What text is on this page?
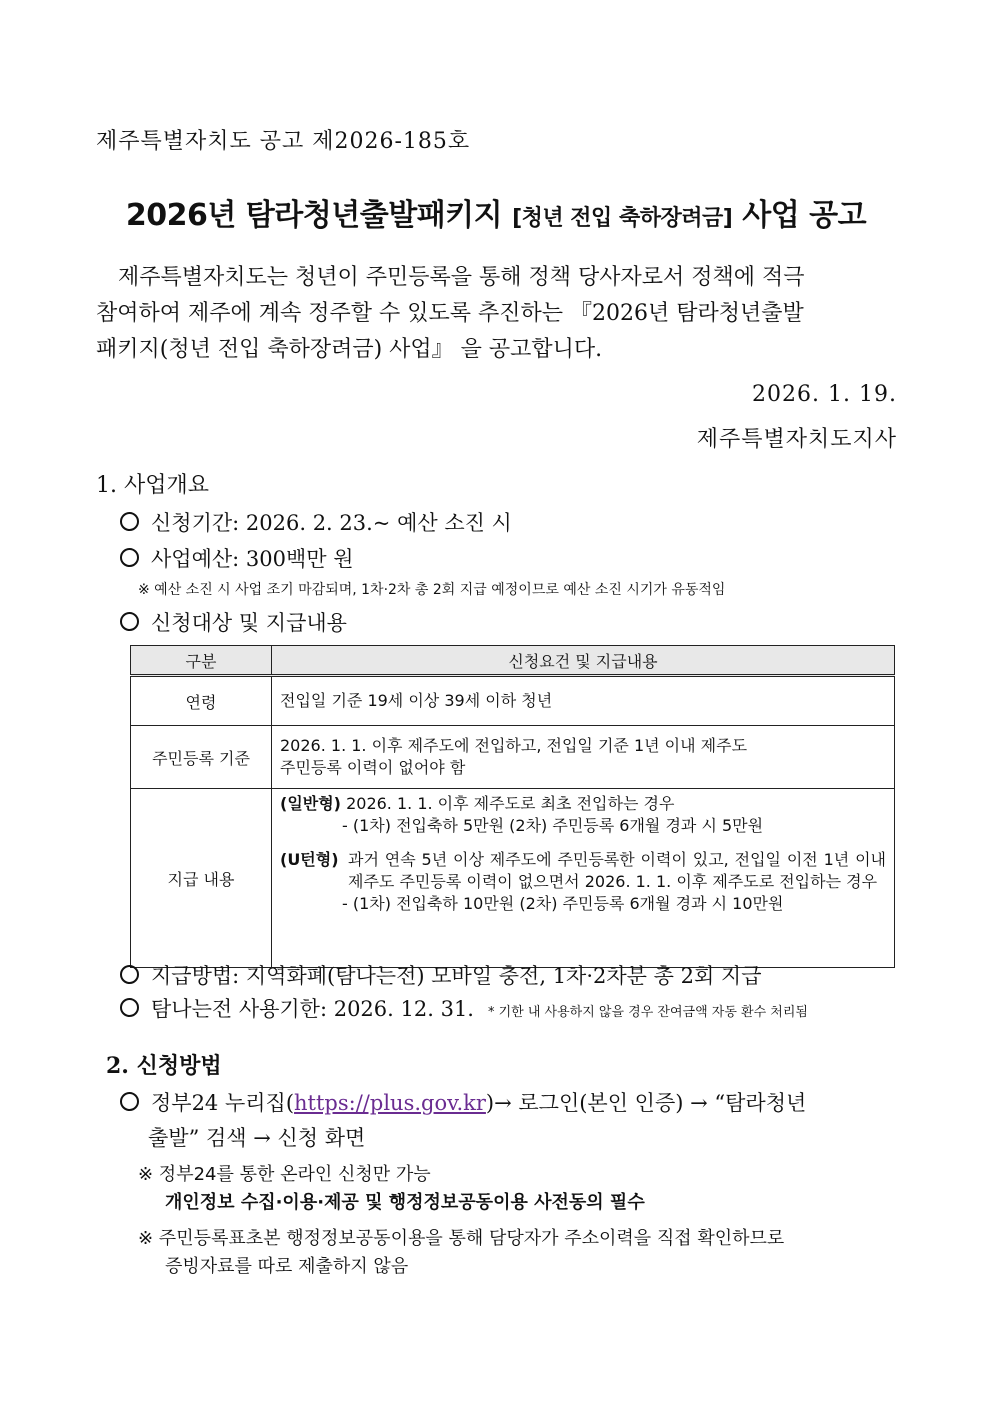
제주특별자치도 공고 제2026-185호
2026년 탐라청년출발패키지 [청년 전입 축하장려금] 사업 공고
제주특별자치도는 청년이 주민등록을 통해 정책 당사자로서 정책에 적극
참여하여 제주에 계속 정주할 수 있도록 추진하는 『2026년 탐라청년출발
패키지(청년 전입 축하장려금) 사업』 을 공고합니다.
2026. 1. 19.
제주특별자치도지사
1. 사업개요
신청기간: 2026. 2. 23.~ 예산 소진 시
사업예산: 300백만 원
※ 예산 소진 시 사업 조기 마감되며, 1차·2차 총 2회 지급 예정이므로 예산 소진 시기가 유동적임
신청대상 및 지급내용
구분	신청요건 및 지급내용
연령	전입일 기준 19세 이상 39세 이하 청년
주민등록 기준	2026. 1. 1. 이후 제주도에 전입하고, 전입일 기준 1년 이내 제주도
주민등록 이력이 없어야 함

지급 내용	(일반형) 2026. 1. 1. 이후 제주도로 최초 전입하는 경우
- (1차) 전입축하 5만원 (2차) 주민등록 6개월 경과 시 5만원
(U턴형) 과거 연속 5년 이상 제주도에 주민등록한 이력이 있고, 전입일 이전 1년 이내 제주도 주민등록 이력이 없으면서 2026. 1. 1. 이후 제주도로 전입하는 경우
- (1차) 전입축하 10만원 (2차) 주민등록 6개월 경과 시 10만원
지급방법: 지역화폐(탐나는전) 모바일 충전, 1차·2차분 총 2회 지급
탐나는전 사용기한: 2026. 12. 31. * 기한 내 사용하지 않을 경우 잔여금액 자동 환수 처리됨
2. 신청방법
정부24 누리집(https://plus.gov.kr)→ 로그인(본인 인증) → “탐라청년
출발” 검색 → 신청 화면
※ 정부24를 통한 온라인 신청만 가능
개인정보 수집·이용·제공 및 행정정보공동이용 사전동의 필수
※ 주민등록표초본 행정정보공동이용을 통해 담당자가 주소이력을 직접 확인하므로
증빙자료를 따로 제출하지 않음
